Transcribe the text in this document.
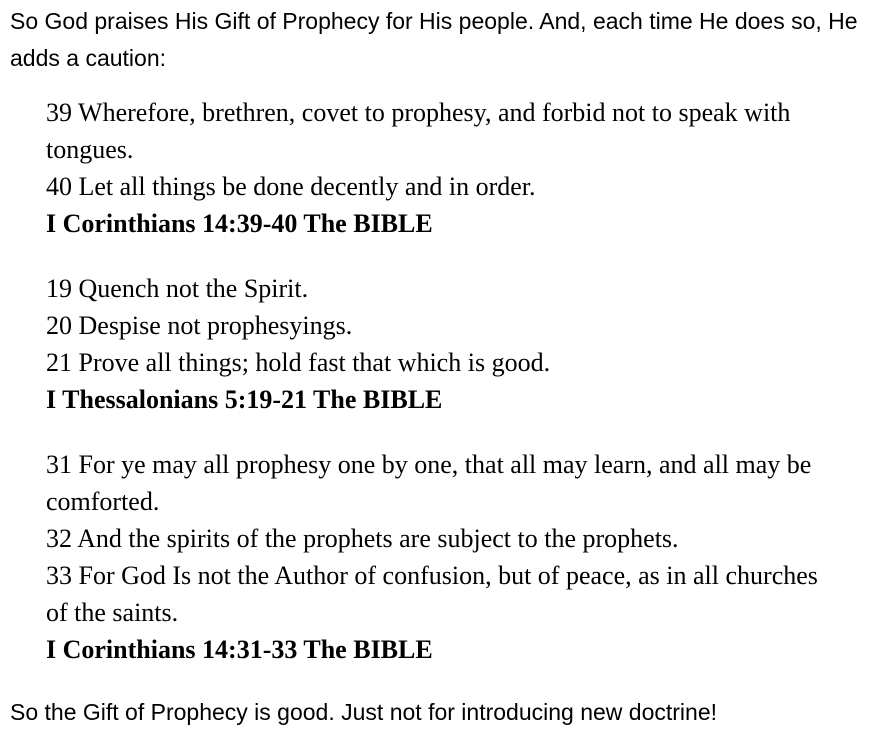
So God praises His Gift of Prophecy for His people. And, each time He does so, He adds a caution:

39 Wherefore, brethren, covet to prophesy, and forbid not to speak with tongues.

40 Let all things be done decently and in order.

I Corinthians 14:39-40 The BIBLE

19 Quench not the Spirit.

20 Despise not prophesyings.

21 Prove all things; hold fast that which is good.

I Thessalonians 5:19-21 The BIBLE

31 For ye may all prophesy one by one, that all may learn, and all may be comforted.

32 And the spirits of the prophets are subject to the prophets.

33 For God Is not the Author of confusion, but of peace, as in all churches of the saints.

I Corinthians 14:31-33 The BIBLE

So the Gift of Prophecy is good. Just not for introducing new doctrine!
